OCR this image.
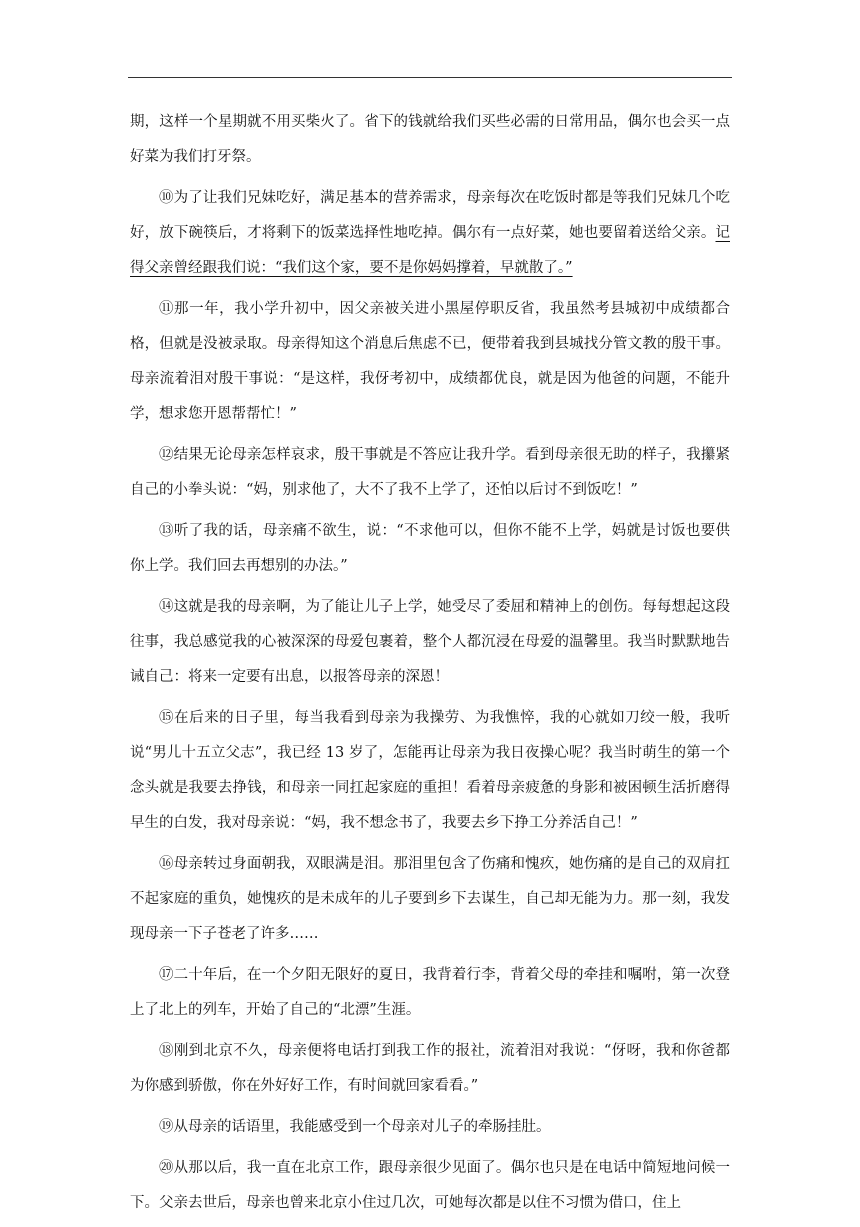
期，这样一个星期就不用买柴火了。省下的钱就给我们买些必需的日常用品，偶尔也会买一点好菜为我们打牙祭。

⑩为了让我们兄妹吃好，满足基本的营养需求，母亲每次在吃饭时都是等我们兄妹几个吃好，放下碗筷后，才将剩下的饭菜选择性地吃掉。偶尔有一点好菜，她也要留着送给父亲。记得父亲曾经跟我们说：“我们这个家，要不是你妈妈撑着，早就散了。”

⑪那一年，我小学升初中，因父亲被关进小黑屋停职反省，我虽然考县城初中成绩都合格，但就是没被录取。母亲得知这个消息后焦虑不已，便带着我到县城找分管文教的殷干事。母亲流着泪对殷干事说：“是这样，我伢考初中，成绩都优良，就是因为他爸的问题，不能升学，想求您开恩帮帮忙！”

⑫结果无论母亲怎样哀求，殷干事就是不答应让我升学。看到母亲很无助的样子，我攥紧自己的小拳头说：“妈，别求他了，大不了我不上学了，还怕以后讨不到饭吃！”

⑬听了我的话，母亲痛不欲生，说：“不求他可以，但你不能不上学，妈就是讨饭也要供你上学。我们回去再想别的办法。”

⑭这就是我的母亲啊，为了能让儿子上学，她受尽了委屈和精神上的创伤。每每想起这段往事，我总感觉我的心被深深的母爱包裹着，整个人都沉浸在母爱的温馨里。我当时默默地告诫自己：将来一定要有出息，以报答母亲的深恩！

⑮在后来的日子里，每当我看到母亲为我操劳、为我憔悴，我的心就如刀绞一般，我听说“男儿十五立父志”，我已经 13 岁了，怎能再让母亲为我日夜操心呢？我当时萌生的第一个念头就是我要去挣钱，和母亲一同扛起家庭的重担！看着母亲疲惫的身影和被困顿生活折磨得早生的白发，我对母亲说：“妈，我不想念书了，我要去乡下挣工分养活自己！”

⑯母亲转过身面朝我，双眼满是泪。那泪里包含了伤痛和愧疚，她伤痛的是自己的双肩扛不起家庭的重负，她愧疚的是未成年的儿子要到乡下去谋生，自己却无能为力。那一刻，我发现母亲一下子苍老了许多……

⑰二十年后，在一个夕阳无限好的夏日，我背着行李，背着父母的牵挂和嘱咐，第一次登上了北上的列车，开始了自己的“北漂”生涯。

⑱刚到北京不久，母亲便将电话打到我工作的报社，流着泪对我说：“伢呀，我和你爸都为你感到骄傲，你在外好好工作，有时间就回家看看。”

⑲从母亲的话语里，我能感受到一个母亲对儿子的牵肠挂肚。

⑳从那以后，我一直在北京工作，跟母亲很少见面了。偶尔也只是在电话中简短地问候一下。父亲去世后，母亲也曾来北京小住过几次，可她每次都是以住不习惯为借口，住上
